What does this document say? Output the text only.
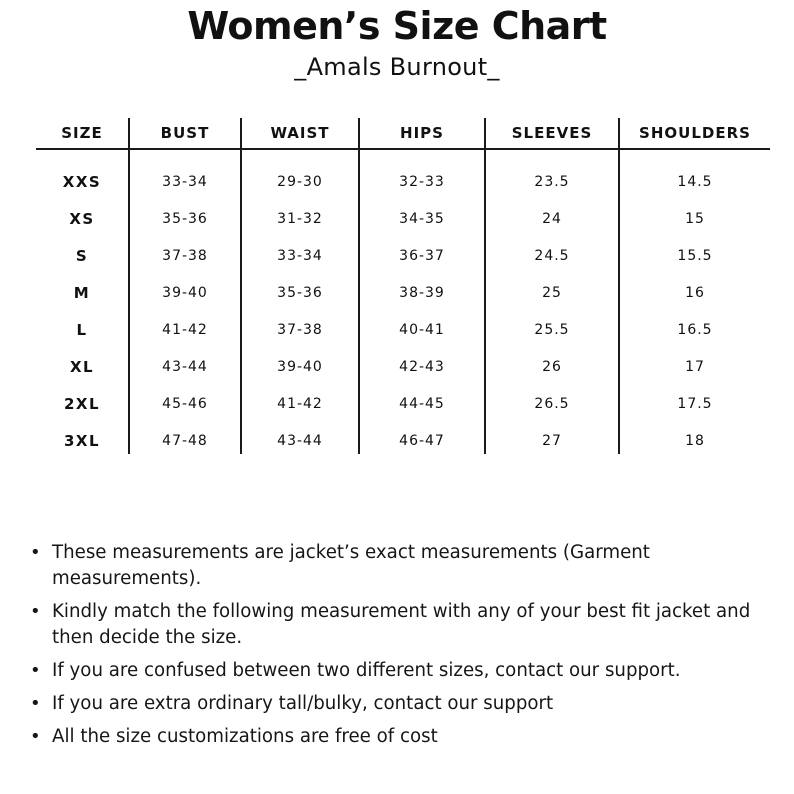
Women’s Size Chart
_Amals Burnout_
SIZE	BUST	WAIST	HIPS	SLEEVES	SHOULDERS
XXS	33-34	29-30	32-33	23.5	14.5
XS	35-36	31-32	34-35	24	15
S	37-38	33-34	36-37	24.5	15.5
M	39-40	35-36	38-39	25	16
L	41-42	37-38	40-41	25.5	16.5
XL	43-44	39-40	42-43	26	17
2XL	45-46	41-42	44-45	26.5	17.5
3XL	47-48	43-44	46-47	27	18
• These measurements are jacket’s exact measurements (Garment measurements).
• Kindly match the following measurement with any of your best fit jacket and then decide the size.
• If you are confused between two different sizes, contact our support.
• If you are extra ordinary tall/bulky, contact our support
• All the size customizations are free of cost
